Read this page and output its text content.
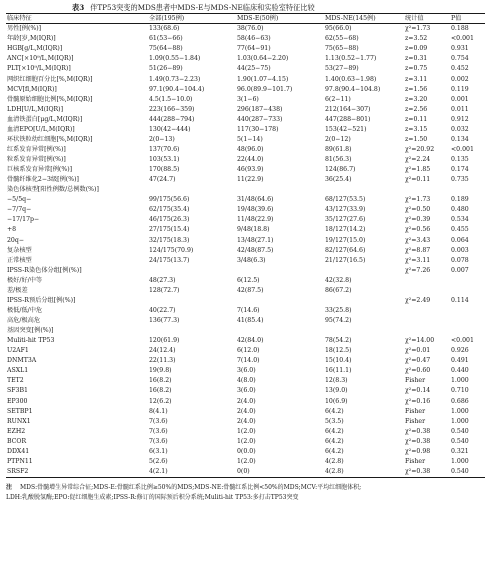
表3 伴TP53突变的MDS患者中MDS-E与MDS-NE临床和实验室特征比较
临床特征	全部(195例)	MDS-E(50例)	MDS-NE(145例)	统计值	P值
男性[例(%)]	133(68.6)	38(76.0)	95(66.0)	χ²=1.73	0.188
年龄[岁,M(IQR)]	61(53−66)	58(46−63)	62(55−68)	z=3.52	<0.001
HGB[g/L,M(IQR)]	75(64−88)	77(64−91)	75(65−88)	z=0.09	0.931
ANC[×10⁹/L,M(IQR)]	1.09(0.55−1.84)	1.03(0.64−2.20)	1.13(0.52−1.77)	z=0.31	0.754
PLT[×10⁹/L,M(IQR)]	51(26−89)	44(25−75)	53(27−89)	z=0.75	0.452
网织红细胞百分比[%,M(IQR)]	1.49(0.73−2.23)	1.90(1.07−4.15)	1.40(0.63−1.98)	z=3.11	0.002
MCV[fl,M(IQR)]	97.1(90.4−104.4)	96.0(89.9−101.7)	97.8(90.4−104.8)	z=1.56	0.119
骨髓原始细胞比例[%,M(IQR)]	4.5(1.5−10.0)	3(1−6)	6(2−11)	z=3.20	0.001
LDH[U/L,M(IQR)]	223(166−359)	296(187−438)	212(164−307)	z=2.56	0.011
血清铁蛋白[μg/L,M(IQR)]	444(288−794)	440(287−733)	447(288−801)	z=0.11	0.912
血清EPO[U/L,M(IQR)]	130(42−444)	117(30−178)	153(42−521)	z=3.15	0.032
环状铁粒幼红细胞[%,M(IQR)]	2(0−13)	5(1−14)	2(0−12)	z=1.50	0.134
红系发育异常[例(%)]	137(70.6)	48(96.0)	89(61.8)	χ²=20.92	<0.001
粒系发育异常[例(%)]	103(53.1)	22(44.0)	81(56.3)	χ²=2.24	0.135
巨核系发育异常[例(%)]	170(88.5)	46(93.9)	124(86.7)	χ²=1.85	0.174
骨髓纤维化2−3级[例(%)]	47(24.7)	11(22.9)	36(25.4)	χ²=0.11	0.735
染色体核型[阳性例数/总例数(%)]					
−5/5q−	99/175(56.6)	31/48(64.6)	68/127(53.5)	χ²=1.73	0.189
−7/7q−	62/175(35.4)	19/48(39.6)	43/127(33.9)	χ²=0.50	0.480
−17/17p−	46/175(26.3)	11/48(22.9)	35/127(27.6)	χ²=0.39	0.534
+8	27/175(15.4)	9/48(18.8)	18/127(14.2)	χ²=0.56	0.455
20q−	32/175(18.3)	13/48(27.1)	19/127(15.0)	χ²=3.43	0.064
复杂核型	124/175(70.9)	42/48(87.5)	82/127(64.6)	χ²=8.87	0.003
正常核型	24/175(13.7)	3/48(6.3)	21/127(16.5)	χ²=3.11	0.078
IPSS-R染色体分组[例(%)]				χ²=7.26	0.007
极好/好/中等	48(27.3)	6(12.5)	42(32.8)		
差/极差	128(72.7)	42(87.5)	86(67.2)		
IPSS-R预后分组[例(%)]				χ²=2.49	0.114
极低/低/中危	40(22.7)	7(14.6)	33(25.8)		
高危/极高危	136(77.3)	41(85.4)	95(74.2)		
基因突变[例(%)]					
Muliti-hit TP53	120(61.9)	42(84.0)	78(54.2)	χ²=14.00	<0.001
U2AF1	24(12.4)	6(12.0)	18(12.5)	χ²=0.01	0.926
DNMT3A	22(11.3)	7(14.0)	15(10.4)	χ²=0.47	0.491
ASXL1	19(9.8)	3(6.0)	16(11.1)	χ²=0.60	0.440
TET2	16(8.2)	4(8.0)	12(8.3)	Fisher	1.000
SF3B1	16(8.2)	3(6.0)	13(9.0)	χ²=0.14	0.710
EP300	12(6.2)	2(4.0)	10(6.9)	χ²=0.16	0.686
SETBP1	8(4.1)	2(4.0)	6(4.2)	Fisher	1.000
RUNX1	7(3.6)	2(4.0)	5(3.5)	Fisher	1.000
EZH2	7(3.6)	1(2.0)	6(4.2)	χ²=0.38	0.540
BCOR	7(3.6)	1(2.0)	6(4.2)	χ²=0.38	0.540
DDX41	6(3.1)	0(0.0)	6(4.2)	χ²=0.98	0.321
PTPN11	5(2.6)	1(2.0)	4(2.8)	Fisher	1.000
SRSF2	4(2.1)	0(0)	4(2.8)	χ²=0.38	0.540
注 MDS:骨髓增生异常综合征;MDS-E:骨髓红系比例≥50%的MDS;MDS-NE:骨髓红系比例<50%的MDS;MCV:平均红细胞体积;
LDH:乳酸脱氢酶;EPO:促红细胞生成素;IPSS-R:修订的国际预后积分系统;Muliti-hit TP53:多打击TP53突变
